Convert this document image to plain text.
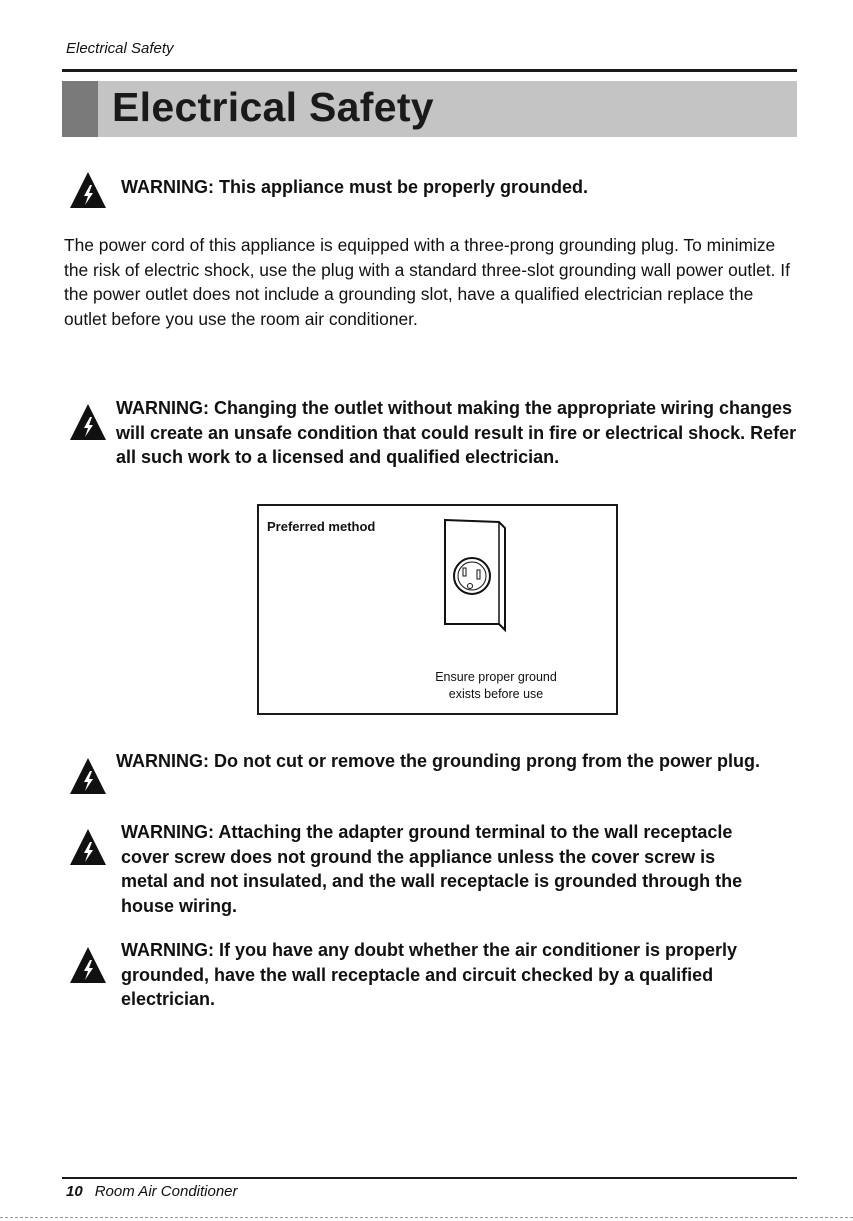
Electrical Safety
Electrical Safety

WARNING: This appliance must be properly grounded.

The power cord of this appliance is equipped with a three-prong grounding plug. To minimize the risk of electric shock, use the plug with a standard three-slot grounding wall power outlet. If the power outlet does not include a grounding slot, have a qualified electrician replace the outlet before you use the room air conditioner.

WARNING: Changing the outlet without making the appropriate wiring changes will create an unsafe condition that could result in fire or electrical shock. Refer all such work to a licensed and qualified electrician.

Preferred method
Ensure proper ground
exists before use

WARNING: Do not cut or remove the grounding prong from the power plug.

WARNING: Attaching the adapter ground terminal to the wall receptacle cover screw does not ground the appliance unless the cover screw is metal and not insulated, and the wall receptacle is grounded through the house wiring.

WARNING: If you have any doubt whether the air conditioner is properly grounded, have the wall receptacle and circuit checked by a qualified electrician.

10 Room Air Conditioner
